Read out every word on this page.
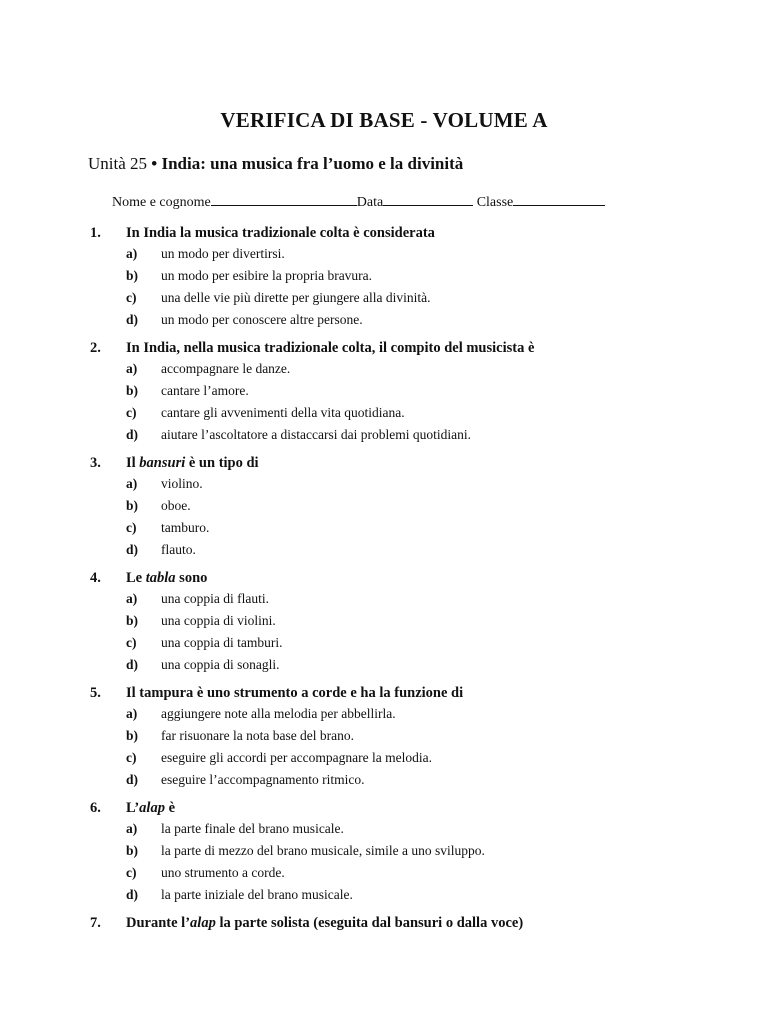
VERIFICA DI BASE - VOLUME A
Unità 25 • India: una musica fra l’uomo e la divinità
Nome e cognome	Data	Classe
1. In India la musica tradizionale colta è considerata
a) un modo per divertirsi.
b) un modo per esibire la propria bravura.
c) una delle vie più dirette per giungere alla divinità.
d) un modo per conoscere altre persone.
2. In India, nella musica tradizionale colta, il compito del musicista è
a) accompagnare le danze.
b) cantare l’amore.
c) cantare gli avvenimenti della vita quotidiana.
d) aiutare l’ascoltatore a distaccarsi dai problemi quotidiani.
3. Il bansuri è un tipo di
a) violino.
b) oboe.
c) tamburo.
d) flauto.
4. Le tabla sono
a) una coppia di flauti.
b) una coppia di violini.
c) una coppia di tamburi.
d) una coppia di sonagli.
5. Il tampura è uno strumento a corde e ha la funzione di
a) aggiungere note alla melodia per abbellirla.
b) far risuonare la nota base del brano.
c) eseguire gli accordi per accompagnare la melodia.
d) eseguire l’accompagnamento ritmico.
6. L’alap è
a) la parte finale del brano musicale.
b) la parte di mezzo del brano musicale, simile a uno sviluppo.
c) uno strumento a corde.
d) la parte iniziale del brano musicale.
7. Durante l’alap la parte solista (eseguita dal bansuri o dalla voce)
